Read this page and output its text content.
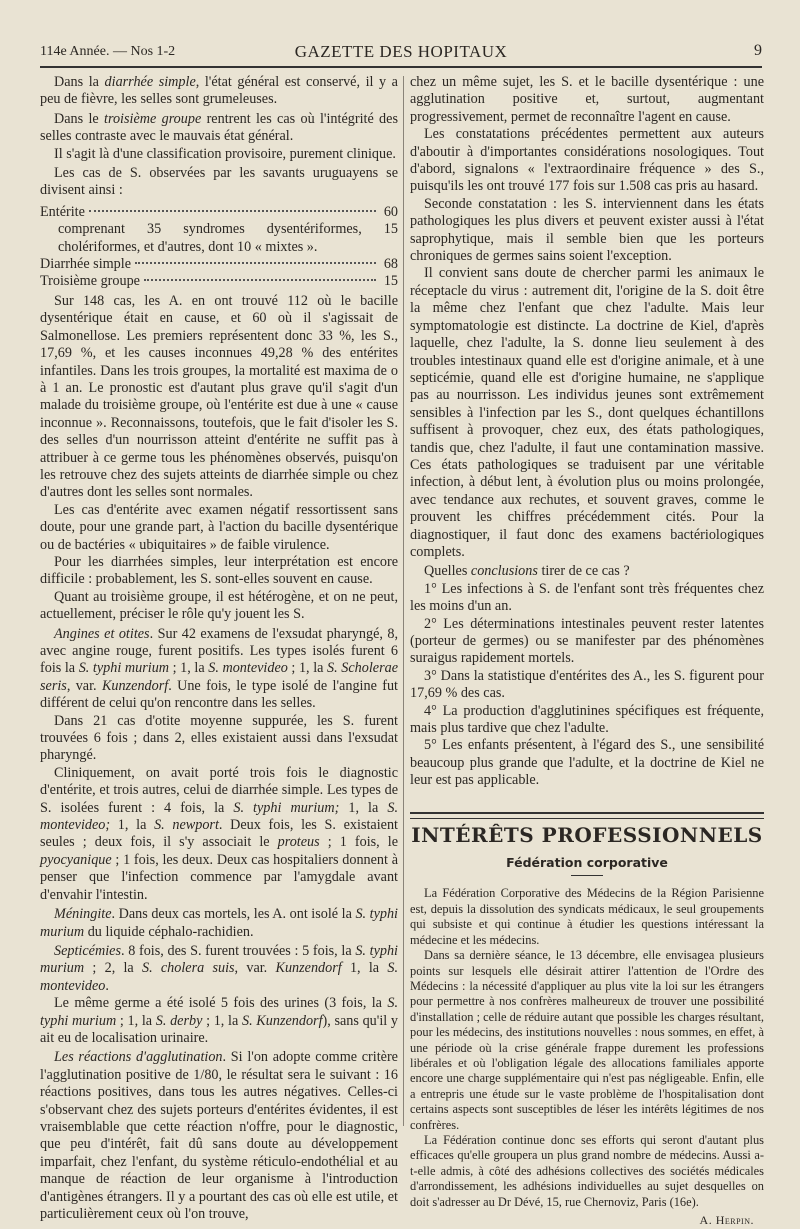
114e Année. — Nos 1-2	GAZETTE DES HOPITAUX	9

Dans la diarrhée simple, l'état général est conservé, il y a peu de fièvre, les selles sont grumeleuses.

Dans le troisième groupe rentrent les cas où l'intégrité des selles contraste avec le mauvais état général.

Il s'agit là d'une classification provisoire, purement clinique.

Les cas de S. observées par les savants uruguayens se divisent ainsi :

Entérite	60

comprenant 35 syndromes dysentériformes, 15 cholériformes, et d'autres, dont 10 « mixtes ».

Diarrhée simple	68
Troisième groupe	15

Sur 148 cas, les A. en ont trouvé 112 où le bacille dysentérique était en cause, et 60 où il s'agissait de Salmonellose. Les premiers représentent donc 33 %, les S., 17,69 %, et les causes inconnues 49,28 % des entérites infantiles. Dans les trois groupes, la mortalité est maxima de o à 1 an. Le pronostic est d'autant plus grave qu'il s'agit d'un malade du troisième groupe, où l'entérite est due à une « cause inconnue ». Reconnaissons, toutefois, que le fait d'isoler les S. des selles d'un nourrisson atteint d'entérite ne suffit pas à attribuer à ce germe tous les phénomènes observés, puisqu'on les retrouve chez des sujets atteints de diarrhée simple ou chez d'autres dont les selles sont normales.

Les cas d'entérite avec examen négatif ressortissent sans doute, pour une grande part, à l'action du bacille dysentérique ou de bactéries « ubiquitaires » de faible virulence.

Pour les diarrhées simples, leur interprétation est encore difficile : probablement, les S. sont-elles souvent en cause.

Quant au troisième groupe, il est hétérogène, et on ne peut, actuellement, préciser le rôle qu'y jouent les S.

Angines et otites. Sur 42 examens de l'exsudat pharyngé, 8, avec angine rouge, furent positifs. Les types isolés furent 6 fois la S. typhi murium ; 1, la S. montevideo ; 1, la S. Scholerae seris, var. Kunzendorf. Une fois, le type isolé de l'angine fut différent de celui qu'on rencontre dans les selles.

Dans 21 cas d'otite moyenne suppurée, les S. furent trouvées 6 fois ; dans 2, elles existaient aussi dans l'exsudat pharyngé.

Cliniquement, on avait porté trois fois le diagnostic d'entérite, et trois autres, celui de diarrhée simple. Les types de S. isolées furent : 4 fois, la S. typhi murium; 1, la S. montevideo; 1, la S. newport. Deux fois, les S. existaient seules ; deux fois, il s'y associait le proteus ; 1 fois, le pyocyanique ; 1 fois, les deux. Deux cas hospitaliers donnent à penser que l'infection commence par l'amygdale avant d'envahir l'intestin.

Méningite. Dans deux cas mortels, les A. ont isolé la S. typhi murium du liquide céphalo-rachidien.

Septicémies. 8 fois, des S. furent trouvées : 5 fois, la S. typhi murium ; 2, la S. cholera suis, var. Kunzendorf 1, la S. montevideo.

Le même germe a été isolé 5 fois des urines (3 fois, la S. typhi murium ; 1, la S. derby ; 1, la S. Kunzendorf), sans qu'il y ait eu de localisation urinaire.

Les réactions d'agglutination. Si l'on adopte comme critère l'agglutination positive de 1/80, le résultat sera le suivant : 16 réactions positives, dans tous les autres négatives. Celles-ci s'observant chez des sujets porteurs d'entérites évidentes, il est vraisemblable que cette réaction n'offre, pour le diagnostic, que peu d'intérêt, fait dû sans doute au développement imparfait, chez l'enfant, du système réticulo-endothélial et au manque de réaction de leur organisme à l'introduction d'antigènes étrangers. Il y a pourtant des cas où elle est utile, et particulièrement ceux où l'on trouve,

chez un même sujet, les S. et le bacille dysentérique : une agglutination positive et, surtout, augmentant progressivement, permet de reconnaître l'agent en cause.

Les constatations précédentes permettent aux auteurs d'aboutir à d'importantes considérations nosologiques. Tout d'abord, signalons « l'extraordinaire fréquence » des S., puisqu'ils les ont trouvé 177 fois sur 1.508 cas pris au hasard.

Seconde constatation : les S. interviennent dans les états pathologiques les plus divers et peuvent exister aussi à l'état saprophytique, mais il semble bien que les porteurs chroniques de germes sains soient l'exception.

Il convient sans doute de chercher parmi les animaux le réceptacle du virus : autrement dit, l'origine de la S. doit être la même chez l'enfant que chez l'adulte. Mais leur symptomatologie est distincte. La doctrine de Kiel, d'après laquelle, chez l'adulte, la S. donne lieu seulement à des troubles intestinaux quand elle est d'origine animale, et à une septicémie, quand elle est d'origine humaine, ne s'applique pas au nourrisson. Les individus jeunes sont extrêmement sensibles à l'infection par les S., dont quelques échantillons suffisent à provoquer, chez eux, des états pathologiques, tandis que, chez l'adulte, il faut une contamination massive. Ces états pathologiques se traduisent par une véritable infection, à début lent, à évolution plus ou moins prolongée, avec tendance aux rechutes, et souvent graves, comme le prouvent les chiffres précédemment cités. Pour la diagnostiquer, il faut donc des examens bactériologiques complets.

Quelles conclusions tirer de ce cas ?

1° Les infections à S. de l'enfant sont très fréquentes chez les moins d'un an.

2° Les déterminations intestinales peuvent rester latentes (porteur de germes) ou se manifester par des phénomènes suraigus rapidement mortels.

3° Dans la statistique d'entérites des A., les S. figurent pour 17,69 % des cas.

4° La production d'agglutinines spécifiques est fréquente, mais plus tardive que chez l'adulte.

5° Les enfants présentent, à l'égard des S., une sensibilité beaucoup plus grande que l'adulte, et la doctrine de Kiel ne leur est pas applicable.

INTÉRÊTS PROFESSIONNELS
Fédération corporative

La Fédération Corporative des Médecins de la Région Parisienne est, depuis la dissolution des syndicats médicaux, le seul groupements qui subsiste et qui continue à étudier les questions intéressant la médecine et les médecins.

Dans sa dernière séance, le 13 décembre, elle envisagea plusieurs points sur lesquels elle désirait attirer l'attention de l'Ordre des Médecins : la nécessité d'appliquer au plus vite la loi sur les étrangers pour permettre à nos confrères malheureux de trouver une possibilité d'installation ; celle de réduire autant que possible les charges résultant, pour les médecins, des institutions nouvelles : nous sommes, en effet, à une période où la crise générale frappe durement les professions libérales et où l'obligation légale des allocations familiales apporte encore une charge supplémentaire qui n'est pas négligeable. Enfin, elle a entrepris une étude sur le vaste problème de l'hospitalisation dont certains aspects sont susceptibles de léser les intérêts légitimes de nos confrères.

La Fédération continue donc ses efforts qui seront d'autant plus efficaces qu'elle groupera un plus grand nombre de médecins. Aussi a-t-elle admis, à côté des adhésions collectives des sociétés médicales d'arrondissement, les adhésions individuelles au sujet desquelles on doit s'adresser au Dr Dévé, 15, rue Chernoviz, Paris (16e).

A. Herpin.
